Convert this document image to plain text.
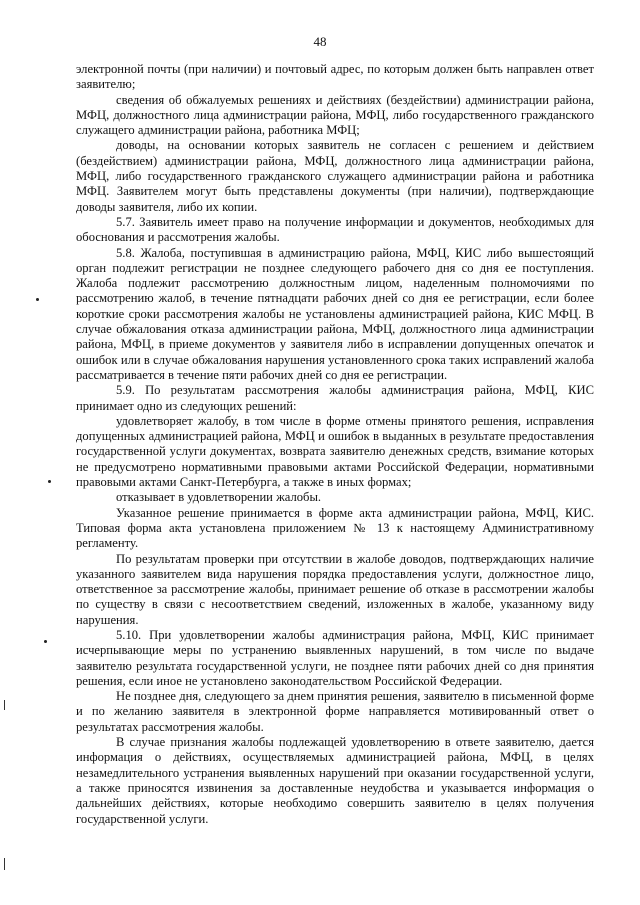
48

электронной почты (при наличии) и почтовый адрес, по которым должен быть направлен ответ заявителю;

сведения об обжалуемых решениях и действиях (бездействии) администрации района, МФЦ, должностного лица администрации района, МФЦ, либо государственного гражданского служащего администрации района, работника МФЦ;

доводы, на основании которых заявитель не согласен с решением и действием (бездействием) администрации района, МФЦ, должностного лица администрации района, МФЦ, либо государственного гражданского служащего администрации района и работника МФЦ. Заявителем могут быть представлены документы (при наличии), подтверждающие доводы заявителя, либо их копии.

5.7. Заявитель имеет право на получение информации и документов, необходимых для обоснования и рассмотрения жалобы.

5.8. Жалоба, поступившая в администрацию района, МФЦ, КИС либо вышестоящий орган подлежит регистрации не позднее следующего рабочего дня со дня ее поступления. Жалоба подлежит рассмотрению должностным лицом, наделенным полномочиями по рассмотрению жалоб, в течение пятнадцати рабочих дней со дня ее регистрации, если более короткие сроки рассмотрения жалобы не установлены администрацией района, КИС МФЦ. В случае обжалования отказа администрации района, МФЦ, должностного лица администрации района, МФЦ, в приеме документов у заявителя либо в исправлении допущенных опечаток и ошибок или в случае обжалования нарушения установленного срока таких исправлений жалоба рассматривается в течение пяти рабочих дней со дня ее регистрации.

5.9. По результатам рассмотрения жалобы администрация района, МФЦ, КИС принимает одно из следующих решений:

удовлетворяет жалобу, в том числе в форме отмены принятого решения, исправления допущенных администрацией района, МФЦ и ошибок в выданных в результате предоставления государственной услуги документах, возврата заявителю денежных средств, взимание которых не предусмотрено нормативными правовыми актами Российской Федерации, нормативными правовыми актами Санкт-Петербурга, а также в иных формах;

отказывает в удовлетворении жалобы.

Указанное решение принимается в форме акта администрации района, МФЦ, КИС. Типовая форма акта установлена приложением № 13 к настоящему Административному регламенту.

По результатам проверки при отсутствии в жалобе доводов, подтверждающих наличие указанного заявителем вида нарушения порядка предоставления услуги, должностное лицо, ответственное за рассмотрение жалобы, принимает решение об отказе в рассмотрении жалобы по существу в связи с несоответствием сведений, изложенных в жалобе, указанному виду нарушения.

5.10. При удовлетворении жалобы администрация района, МФЦ, КИС принимает исчерпывающие меры по устранению выявленных нарушений, в том числе по выдаче заявителю результата государственной услуги, не позднее пяти рабочих дней со дня принятия решения, если иное не установлено законодательством Российской Федерации.

Не позднее дня, следующего за днем принятия решения, заявителю в письменной форме и по желанию заявителя в электронной форме направляется мотивированный ответ о результатах рассмотрения жалобы.

В случае признания жалобы подлежащей удовлетворению в ответе заявителю, дается информация о действиях, осуществляемых администрацией района, МФЦ, в целях незамедлительного устранения выявленных нарушений при оказании государственной услуги, а также приносятся извинения за доставленные неудобства и указывается информация о дальнейших действиях, которые необходимо совершить заявителю в целях получения государственной услуги.
